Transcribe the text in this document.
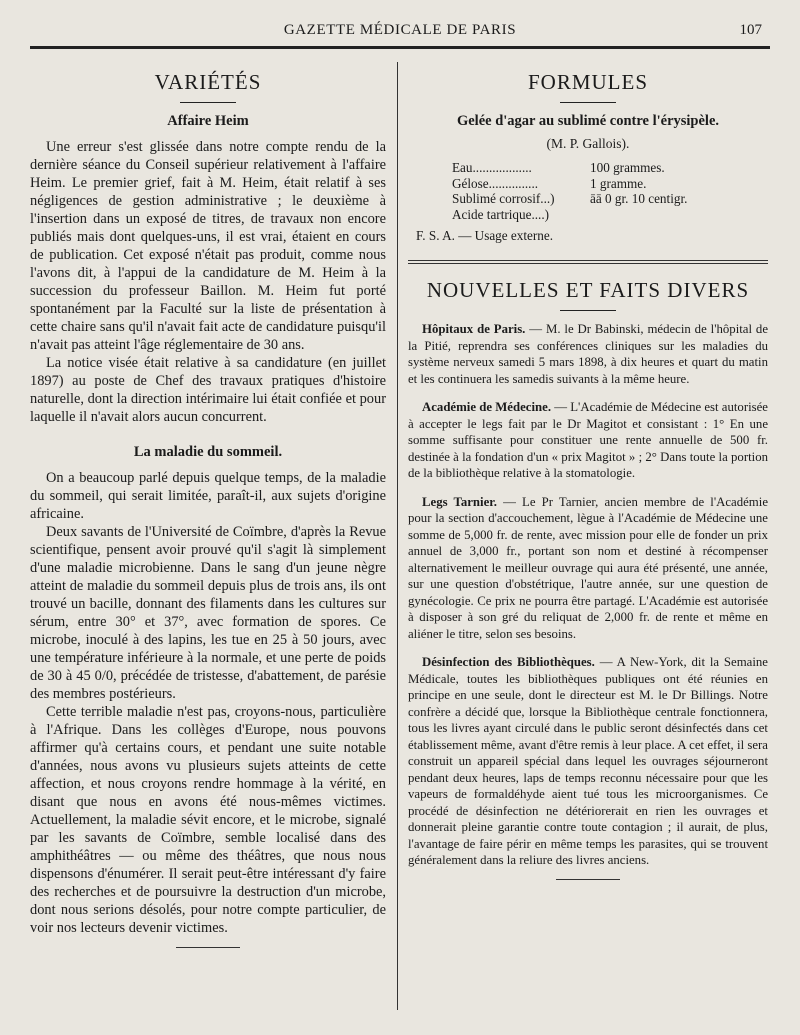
GAZETTE MÉDICALE DE PARIS	107
VARIÉTÉS
Affaire Heim

Une erreur s'est glissée dans notre compte rendu de la dernière séance du Conseil supérieur relativement à l'affaire Heim. Le premier grief, fait à M. Heim, était relatif à ses négligences de gestion administrative ; le deuxième à l'insertion dans un exposé de titres, de travaux non encore publiés mais dont quelques-uns, il est vrai, étaient en cours de publication. Cet exposé n'était pas produit, comme nous l'avons dit, à l'appui de la candidature de M. Heim à la succession du professeur Baillon. M. Heim fut porté spontanément par la Faculté sur la liste de présentation à cette chaire sans qu'il n'avait fait acte de candidature puisqu'il n'avait pas atteint l'âge réglementaire de 30 ans.

La notice visée était relative à sa candidature (en juillet 1897) au poste de Chef des travaux pratiques d'histoire naturelle, dont la direction intérimaire lui était confiée et pour laquelle il n'avait alors aucun concurrent.

La maladie du sommeil.

On a beaucoup parlé depuis quelque temps, de la maladie du sommeil, qui serait limitée, paraît-il, aux sujets d'origine africaine.

Deux savants de l'Université de Coïmbre, d'après la Revue scientifique, pensent avoir prouvé qu'il s'agit là simplement d'une maladie microbienne. Dans le sang d'un jeune nègre atteint de maladie du sommeil depuis plus de trois ans, ils ont trouvé un bacille, donnant des filaments dans les cultures sur sérum, entre 30° et 37°, avec formation de spores. Ce microbe, inoculé à des lapins, les tue en 25 à 50 jours, avec une température inférieure à la normale, et une perte de poids de 30 à 45 0/0, précédée de tristesse, d'abattement, de parésie des membres postérieurs.

Cette terrible maladie n'est pas, croyons-nous, particulière à l'Afrique. Dans les collèges d'Europe, nous pouvons affirmer qu'à certains cours, et pendant une suite notable d'années, nous avons vu plusieurs sujets atteints de cette affection, et nous croyons rendre hommage à la vérité, en disant que nous en avons été nous-mêmes victimes. Actuellement, la maladie sévit encore, et le microbe, signalé par les savants de Coïmbre, semble localisé dans des amphithéâtres — ou même des théâtres, que nous nous dispensons d'énumérer. Il serait peut-être intéressant d'y faire des recherches et de poursuivre la destruction d'un microbe, dont nous serions désolés, pour notre compte particulier, de voir nos lecteurs devenir victimes.

FORMULES
Gelée d'agar au sublimé contre l'érysipèle.
(M. P. Gallois).
Eau..................	100 grammes.
Gélose...............	1 gramme.
Sublimé corrosif...)	āā 0 gr. 10 centigr.
Acide tartrique....)
F. S. A. — Usage externe.
NOUVELLES ET FAITS DIVERS

Hôpitaux de Paris. — M. le Dr Babinski, médecin de l'hôpital de la Pitié, reprendra ses conférences cliniques sur les maladies du système nerveux samedi 5 mars 1898, à dix heures et quart du matin et les continuera les samedis suivants à la même heure.

Académie de Médecine. — L'Académie de Médecine est autorisée à accepter le legs fait par le Dr Magitot et consistant : 1° En une somme suffisante pour constituer une rente annuelle de 500 fr. destinée à la fondation d'un « prix Magitot » ; 2° Dans toute la portion de la bibliothèque relative à la stomatologie.

Legs Tarnier. — Le Pr Tarnier, ancien membre de l'Académie pour la section d'accouchement, lègue à l'Académie de Médecine une somme de 5,000 fr. de rente, avec mission pour elle de fonder un prix annuel de 3,000 fr., portant son nom et destiné à récompenser alternativement le meilleur ouvrage qui aura été présenté, une année, sur une question d'obstétrique, l'autre année, sur une question de gynécologie. Ce prix ne pourra être partagé. L'Académie est autorisée à disposer à son gré du reliquat de 2,000 fr. de rente et même en aliéner le titre, selon ses besoins.

Désinfection des Bibliothèques. — A New-York, dit la Semaine Médicale, toutes les bibliothèques publiques ont été réunies en principe en une seule, dont le directeur est M. le Dr Billings. Notre confrère a décidé que, lorsque la Bibliothèque centrale fonctionnera, tous les livres ayant circulé dans le public seront désinfectés dans cet établissement même, avant d'être remis à leur place. A cet effet, il sera construit un appareil spécial dans lequel les ouvrages séjourneront pendant deux heures, laps de temps reconnu nécessaire pour que les vapeurs de formaldéhyde aient tué tous les microorganismes. Ce procédé de désinfection ne détériorerait en rien les ouvrages et donnerait pleine garantie contre toute contagion ; il aurait, de plus, l'avantage de faire périr en même temps les parasites, qui se trouvent généralement dans la reliure des livres anciens.
